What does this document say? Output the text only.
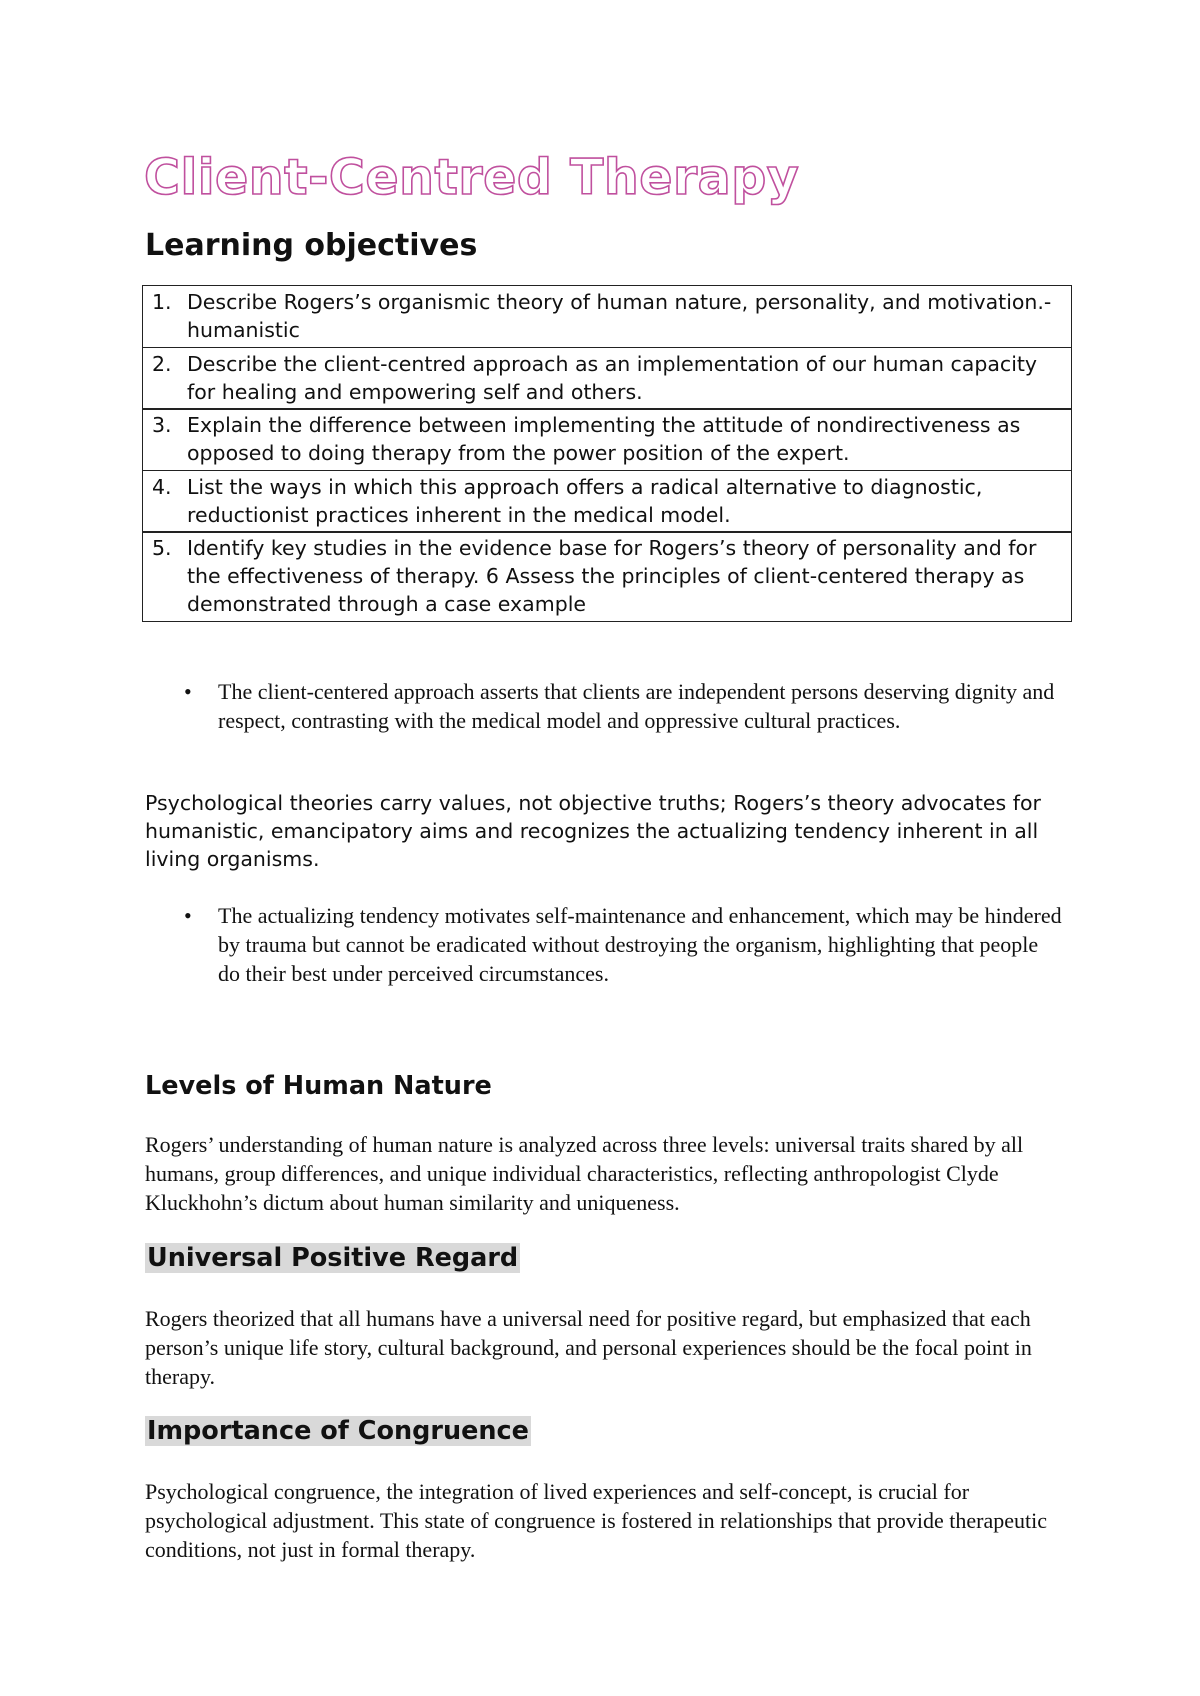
Client-Centred Therapy
Learning objectives
1. Describe Rogers’s organismic theory of human nature, personality, and motivation.- humanistic
2. Describe the client-centred approach as an implementation of our human capacity for healing and empowering self and others.
3. Explain the difference between implementing the attitude of nondirectiveness as opposed to doing therapy from the power position of the expert.
4. List the ways in which this approach offers a radical alternative to diagnostic, reductionist practices inherent in the medical model.
5. Identify key studies in the evidence base for Rogers’s theory of personality and for the effectiveness of therapy. 6 Assess the principles of client-centered therapy as demonstrated through a case example
• The client-centered approach asserts that clients are independent persons deserving dignity and respect, contrasting with the medical model and oppressive cultural practices.
Psychological theories carry values, not objective truths; Rogers’s theory advocates for humanistic, emancipatory aims and recognizes the actualizing tendency inherent in all living organisms.
• The actualizing tendency motivates self-maintenance and enhancement, which may be hindered by trauma but cannot be eradicated without destroying the organism, highlighting that people do their best under perceived circumstances.
Levels of Human Nature
Rogers’ understanding of human nature is analyzed across three levels: universal traits shared by all humans, group differences, and unique individual characteristics, reflecting anthropologist Clyde Kluckhohn’s dictum about human similarity and uniqueness.
Universal Positive Regard
Rogers theorized that all humans have a universal need for positive regard, but emphasized that each person’s unique life story, cultural background, and personal experiences should be the focal point in therapy.
Importance of Congruence
Psychological congruence, the integration of lived experiences and self-concept, is crucial for psychological adjustment. This state of congruence is fostered in relationships that provide therapeutic conditions, not just in formal therapy.
